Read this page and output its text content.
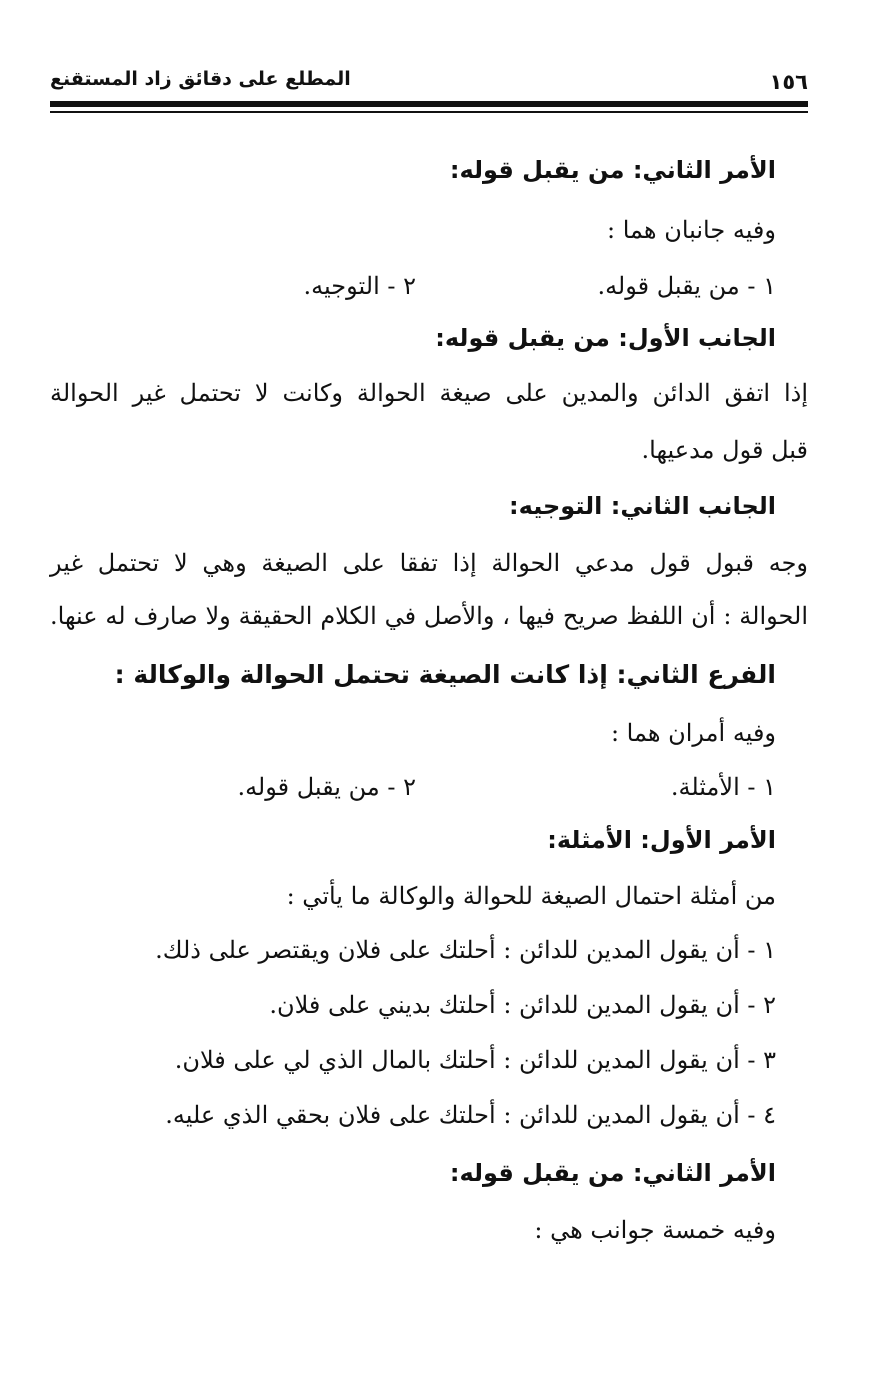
١٥٦
المطلع على دقائق زاد المستقنع
الأمر الثاني: من يقبل قوله:
وفيه جانبان هما :
١ - من يقبل قوله.
٢ - التوجيه.
الجانب الأول: من يقبل قوله:
إذا اتفق الدائن والمدين على صيغة الحوالة وكانت لا تحتمل غير الحوالة
قبل قول مدعيها.
الجانب الثاني: التوجيه:
وجه قبول قول مدعي الحوالة إذا تفقا على الصيغة وهي لا تحتمل غير
الحوالة : أن اللفظ صريح فيها ، والأصل في الكلام الحقيقة ولا صارف له عنها.
الفرع الثاني: إذا كانت الصيغة تحتمل الحوالة والوكالة :
وفيه أمران هما :
١ - الأمثلة.
٢ - من يقبل قوله.
الأمر الأول: الأمثلة:
من أمثلة احتمال الصيغة للحوالة والوكالة ما يأتي :
١ - أن يقول المدين للدائن : أحلتك على فلان ويقتصر على ذلك.
٢ - أن يقول المدين للدائن : أحلتك بديني على فلان.
٣ - أن يقول المدين للدائن : أحلتك بالمال الذي لي على فلان.
٤ - أن يقول المدين للدائن : أحلتك على فلان بحقي الذي عليه.
الأمر الثاني: من يقبل قوله:
وفيه خمسة جوانب هي :
